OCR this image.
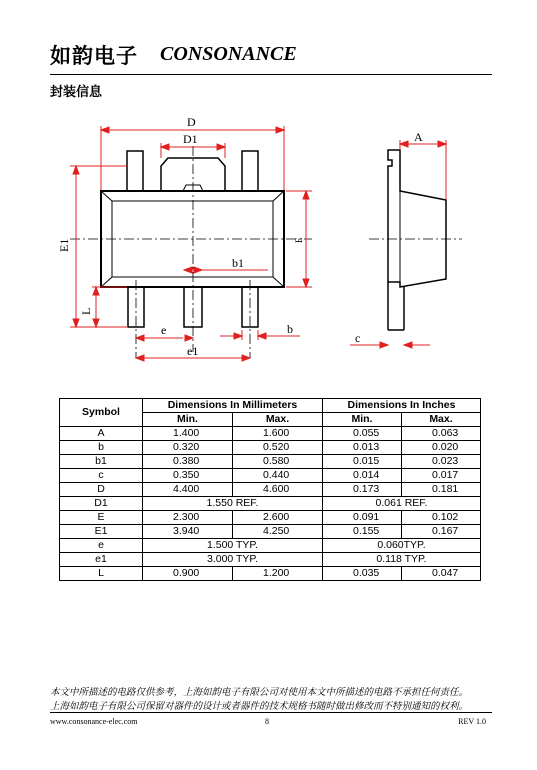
如韵电子 CONSONANCE
封装信息
D
D1
E1	E
L
b1
e
e1
b
A
c
Symbol	Dimensions In Millimeters		Dimensions In Inches	
	Min.	Max.	Min.	Max.
A	1.400	1.600	0.055	0.063
b	0.320	0.520	0.013	0.020
b1	0.380	0.580	0.015	0.023
c	0.350	0.440	0.014	0.017
D	4.400	4.600	0.173	0.181
D1	1.550 REF.		0.061 REF.	
E	2.300	2.600	0.091	0.102
E1	3.940	4.250	0.155	0.167
e	1.500 TYP.		0.060TYP.	
e1	3.000 TYP.		0.118 TYP.	
L	0.900	1.200	0.035	0.047
本文中所描述的电路仅供参考，上海如韵电子有限公司对使用本文中所描述的电路不承担任何责任。
上海如韵电子有限公司保留对器件的设计或者器件的技术规格书随时做出修改而不特别通知的权利。
www.consonance-elec.com	8	REV 1.0
